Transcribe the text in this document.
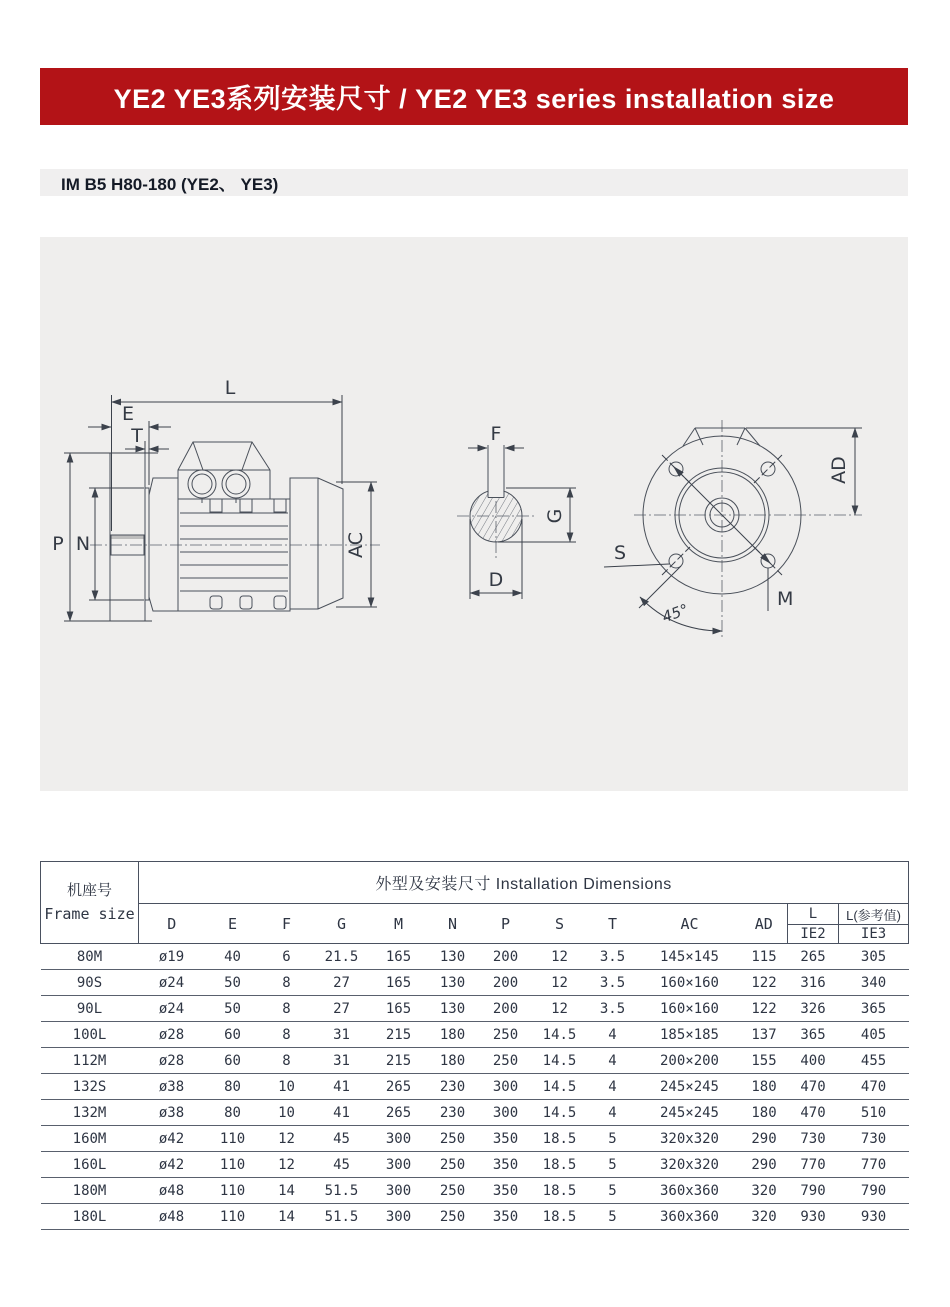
YE2 YE3系列安装尺寸 / YE2 YE3 series installation size
IM B5 H80-180 (YE2、 YE3)
L
E
T
P N	AC
F
G
D
AD
M
S
45°
机座号
Frame size	外型及安装尺寸 Installation Dimensions												
	D	E	F	G	M	N	P	S	T	AC	AD	L	L(参考值)
												IE2	IE3
80M	ø19	40	6	21.5	165	130	200	12	3.5	145×145	115	265	305
90S	ø24	50	8	27	165	130	200	12	3.5	160×160	122	316	340
90L	ø24	50	8	27	165	130	200	12	3.5	160×160	122	326	365
100L	ø28	60	8	31	215	180	250	14.5	4	185×185	137	365	405
112M	ø28	60	8	31	215	180	250	14.5	4	200×200	155	400	455
132S	ø38	80	10	41	265	230	300	14.5	4	245×245	180	470	470
132M	ø38	80	10	41	265	230	300	14.5	4	245×245	180	470	510
160M	ø42	110	12	45	300	250	350	18.5	5	320x320	290	730	730
160L	ø42	110	12	45	300	250	350	18.5	5	320x320	290	770	770
180M	ø48	110	14	51.5	300	250	350	18.5	5	360x360	320	790	790
180L	ø48	110	14	51.5	300	250	350	18.5	5	360x360	320	930	930
